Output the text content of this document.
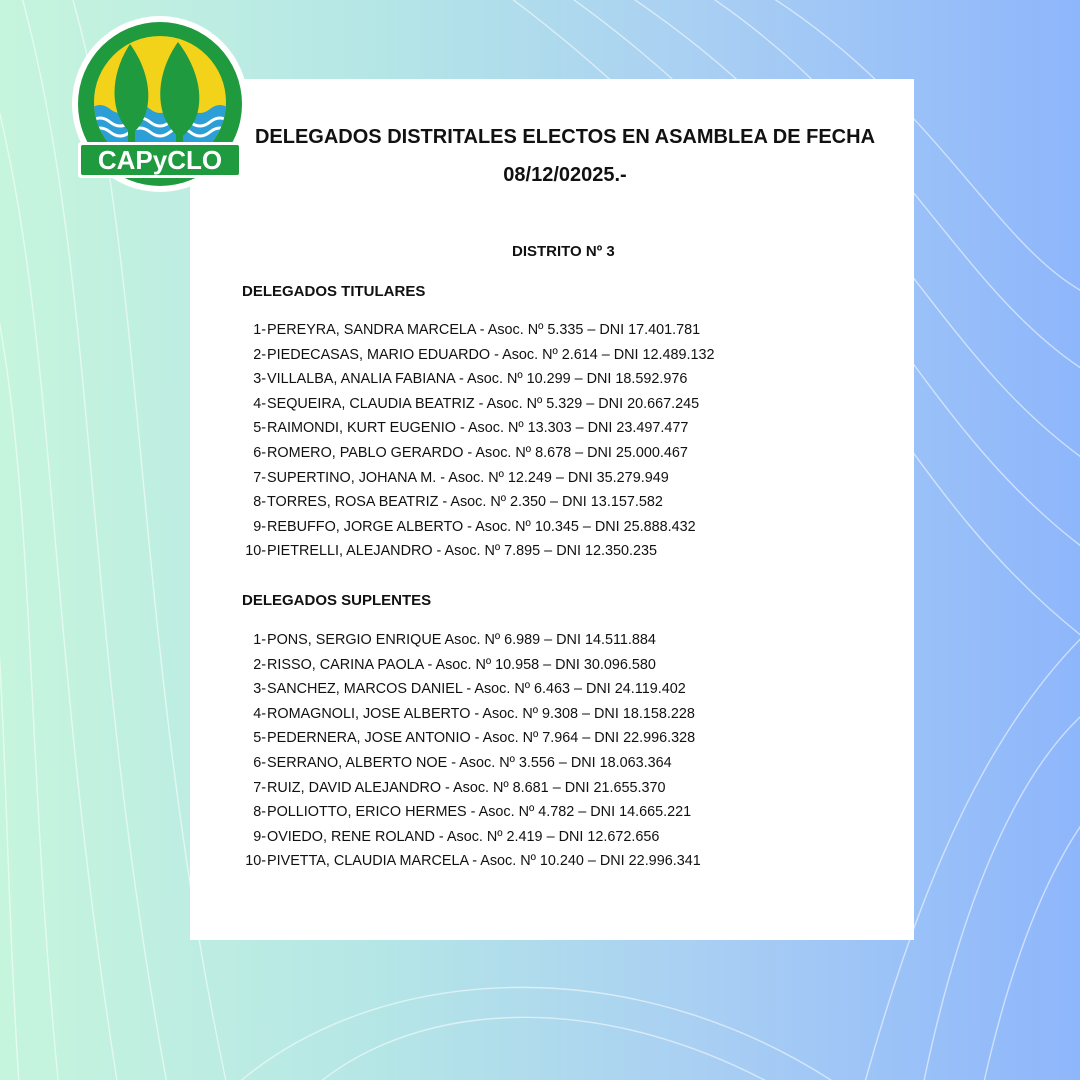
CAPyCLO
DELEGADOS DISTRITALES ELECTOS EN ASAMBLEA DE FECHA
08/12/02025.-
DISTRITO Nº 3
DELEGADOS TITULARES
1-PEREYRA, SANDRA MARCELA - Asoc. Nº 5.335 – DNI 17.401.781
2-PIEDECASAS, MARIO EDUARDO - Asoc. Nº 2.614 – DNI 12.489.132
3-VILLALBA, ANALIA FABIANA - Asoc. Nº 10.299 – DNI 18.592.976
4-SEQUEIRA, CLAUDIA BEATRIZ - Asoc. Nº 5.329 – DNI 20.667.245
5-RAIMONDI, KURT EUGENIO - Asoc. Nº 13.303 – DNI 23.497.477
6-ROMERO, PABLO GERARDO - Asoc. Nº 8.678 – DNI 25.000.467
7-SUPERTINO, JOHANA M. - Asoc. Nº 12.249 – DNI 35.279.949
8-TORRES, ROSA BEATRIZ - Asoc. Nº 2.350 – DNI 13.157.582
9-REBUFFO, JORGE ALBERTO - Asoc. Nº 10.345 – DNI 25.888.432
10-PIETRELLI, ALEJANDRO - Asoc. Nº 7.895 – DNI 12.350.235
DELEGADOS SUPLENTES
1-PONS, SERGIO ENRIQUE Asoc. Nº 6.989 – DNI 14.511.884
2-RISSO, CARINA PAOLA - Asoc. Nº 10.958 – DNI 30.096.580
3-SANCHEZ, MARCOS DANIEL - Asoc. Nº 6.463 – DNI 24.119.402
4-ROMAGNOLI, JOSE ALBERTO - Asoc. Nº 9.308 – DNI 18.158.228
5-PEDERNERA, JOSE ANTONIO - Asoc. Nº 7.964 – DNI 22.996.328
6-SERRANO, ALBERTO NOE - Asoc. Nº 3.556 – DNI 18.063.364
7-RUIZ, DAVID ALEJANDRO - Asoc. Nº 8.681 – DNI 21.655.370
8-POLLIOTTO, ERICO HERMES - Asoc. Nº 4.782 – DNI 14.665.221
9-OVIEDO, RENE ROLAND - Asoc. Nº 2.419 – DNI 12.672.656
10-PIVETTA, CLAUDIA MARCELA - Asoc. Nº 10.240 – DNI 22.996.341
